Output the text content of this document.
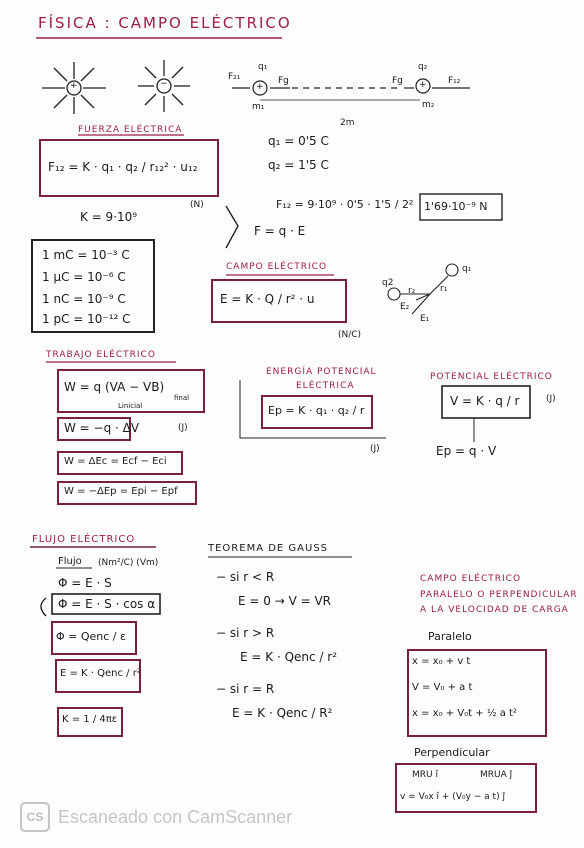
FÍSICA : CAMPO ELÉCTRICO
+	−
F₂₁
q₁
Fg
+
m₁
Fg
q₂
+ F₁₂
m₂
2m
FUERZA ELÉCTRICA
F₁₂ = K · q₁ · q₂ / r₁₂² · u₁₂
(N)
K = 9·10⁹
q₁ = 0'5 C
q₂ = 1'5 C
F₁₂ = 9·10⁹ · 0'5 · 1'5 / 2² 1'69·10⁻⁹ N
F = q · E
1 mC = 10⁻³ C
1 μC = 10⁻⁶ C
1 nC = 10⁻⁹ C
1 pC = 10⁻¹² C
CAMPO ELÉCTRICO
E = K · Q / r² · u
(N/C)
q2
q₁
r₂	r₁
E₂
E₁
TRABAJO ELÉCTRICO
W = q (VA − VB)
Linicial
final
W = −q · ΔV	(J)
W = ΔEc = Ecf − Eci
W = −ΔEp = Epi − Epf
ENERGÍA POTENCIAL
ELÉCTRICA
Ep = K · q₁ · q₂ / r
(J)
POTENCIAL ELÉCTRICO
V = K · q / r	(J)
Ep = q · V
FLUJO ELÉCTRICO
Flujo (Nm²/C) (Vm)
Φ = E · S
Φ = E · S · cos α
Φ = Qenc / ε
E = K · Qenc / r²
K = 1 / 4πε
TEOREMA DE GAUSS
− si r < R
E = 0 → V = VR
− si r > R
E = K · Qenc / r²
− si r = R
E = K · Qenc / R²
CAMPO ELÉCTRICO
PARALELO O PERPENDICULAR
A LA VELOCIDAD DE CARGA
Paralelo
x = x₀ + v t
V = V₀ + a t
x = x₀ + V₀t + ½ a t²
Perpendicular
MRU î	MRUA ĵ
v = V₀x î + (V₀y − a t) ĵ
CS Escaneado con CamScanner
